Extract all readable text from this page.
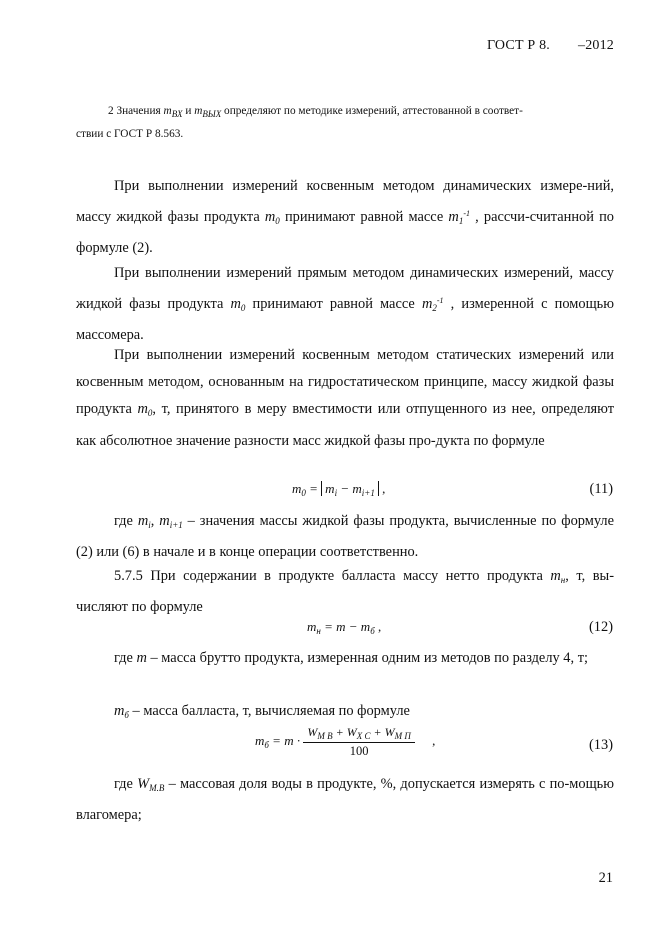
ГОСТ Р 8. –2012
2 Значения $m_{ВХ}$ и $m_{ВЫХ}$ определяют по методике измерений, аттестованной в соответ-
ствии с ГОСТ Р 8.563.
При выполнении измерений косвенным методом динамических измере-ний, массу жидкой фазы продукта $m_0$ принимают равной массе $m_1^{-1}$ , рассчи-считанной по формуле (2).
При выполнении измерений прямым методом динамических измерений, массу жидкой фазы продукта $m_0$ принимают равной массе $m_2^{-1}$ , измеренной с помощью массомера.
При выполнении измерений косвенным методом статических измерений или косвенным методом, основанным на гидростатическом принципе, массу жидкой фазы продукта $m_0$, т, принятого в меру вместимости или отпущенного из нее, определяют как абсолютное значение разности масс жидкой фазы про-дукта по формуле
$m_0 = m_i - m_{i+1}$ ,	(11)
где $m_i$, $m_{i+1}$ – значения массы жидкой фазы продукта, вычисленные по формуле (2) или (6) в начале и в конце операции соответственно.
5.7.5 При содержании в продукте балласта массу нетто продукта $m_н$, т, вы-числяют по формуле
$m_н = m - m_б$ ,	(12)
где m – масса брутто продукта, измеренная одним из методов по разделу 4, т;
$m_б$ – масса балласта, т, вычисляемая по формуле
$m_б = m \cdot \frac{W_{М В} + W_{Х С} + W_{М П}}{100}$ ,	(13)
где $W_{М.В}$ – массовая доля воды в продукте, %, допускается измерять с по-мощью влагомера;
21
